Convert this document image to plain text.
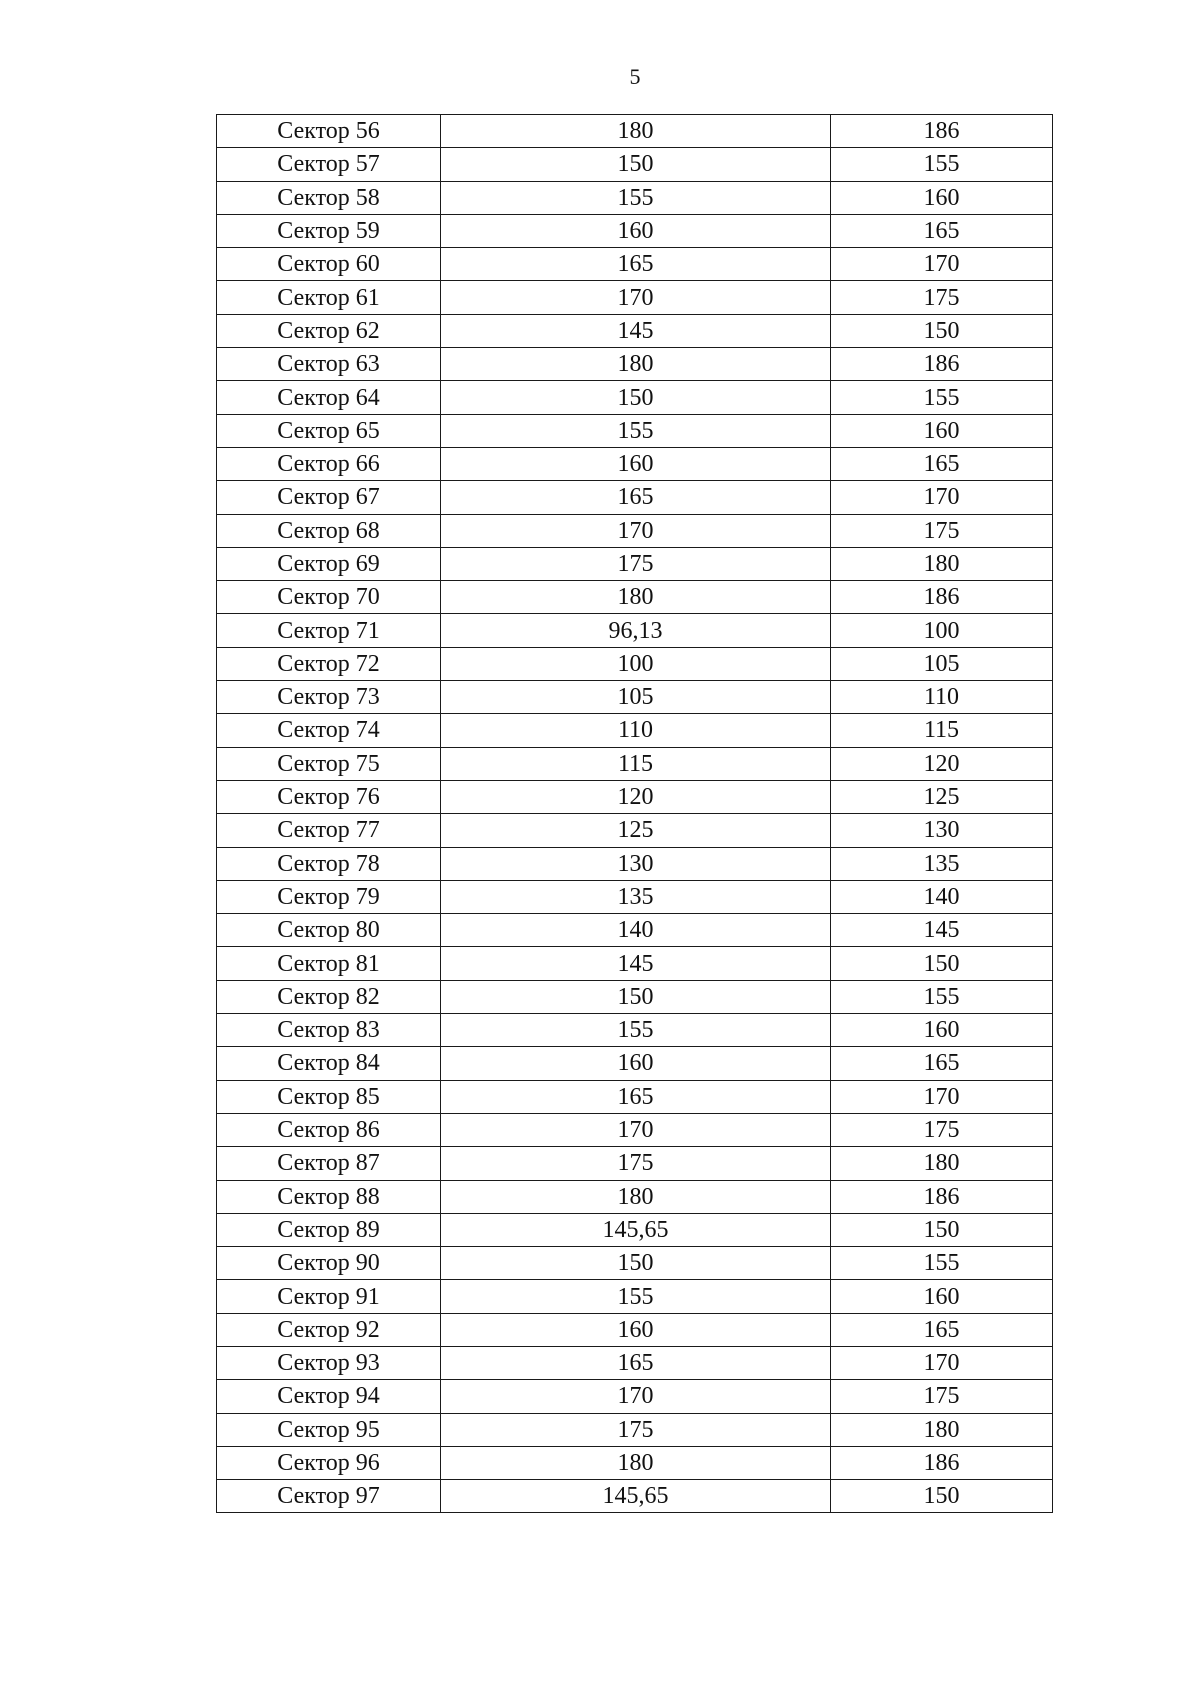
5
Сектор 56	180	186
Сектор 57	150	155
Сектор 58	155	160
Сектор 59	160	165
Сектор 60	165	170
Сектор 61	170	175
Сектор 62	145	150
Сектор 63	180	186
Сектор 64	150	155
Сектор 65	155	160
Сектор 66	160	165
Сектор 67	165	170
Сектор 68	170	175
Сектор 69	175	180
Сектор 70	180	186
Сектор 71	96,13	100
Сектор 72	100	105
Сектор 73	105	110
Сектор 74	110	115
Сектор 75	115	120
Сектор 76	120	125
Сектор 77	125	130
Сектор 78	130	135
Сектор 79	135	140
Сектор 80	140	145
Сектор 81	145	150
Сектор 82	150	155
Сектор 83	155	160
Сектор 84	160	165
Сектор 85	165	170
Сектор 86	170	175
Сектор 87	175	180
Сектор 88	180	186
Сектор 89	145,65	150
Сектор 90	150	155
Сектор 91	155	160
Сектор 92	160	165
Сектор 93	165	170
Сектор 94	170	175
Сектор 95	175	180
Сектор 96	180	186
Сектор 97	145,65	150
